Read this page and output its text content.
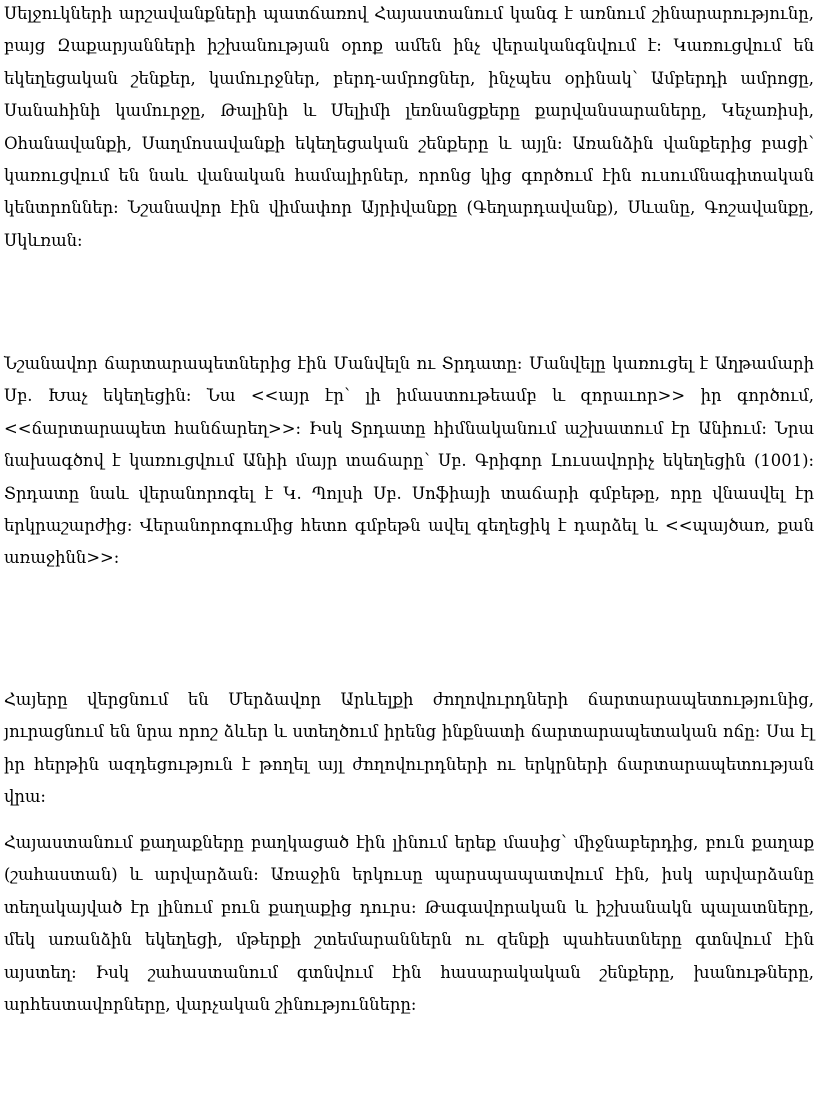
Սելջուկների արշավանքների պատճառով Հայաստանում կանգ է առնում շինարարությունը, բայց Զաքարյանների իշխանության օրոք ամեն ինչ վերականգնվում է: Կառուցվում են եկեղեցական շենքեր, կամուրջներ, բերդ-ամրոցներ, ինչպես օրինակ՝ Ամբերդի ամրոցը, Սանաhինի կամուրջը, Թալինի և Սելիմի լեռնանցքերը քարվանսարաները, Կեչառիսի, Օհանավանքի, Սաղմոսավանքի եկեղեցական շենքերը և այլն: Առանձին վանքերից բացի՝ կառուցվում են նաև վանական համալիրներ, որոնց կից գործում էին ուսումնագիտական կենտրոններ: Նշանավոր էին վիմափոր Այրիվանքը (Գեղարդավանք), Սևանը, Գոշավանքը, Սկևռան:

Նշանավոր ճարտարապետներից էին Մանվելն ու Տրդատը: Մանվելը կառուցել է Աղթամարի Սբ. Խաչ եկեղեցին: Նա <<այր էր՝ լի իմաստութեամբ և զորաւոր>> իր գործում, <<ճարտարապետ հանճարեղ>>: Իսկ Տրդատը հիմնականում աշխատում էր Անիում: Նրա նախագծով է կառուցվում Անիի մայր տաճարը՝ Սբ. Գրիգոր Լուսավորիչ եկեղեցին (1001): Տրդատը նաև վերանորոգել է Կ. Պոլսի Սբ. Սոֆիայի տաճարի գմբեթը, որը վնասվել էր երկրաշարժից: Վերանորոգումից հետո գմբեթն ավել գեղեցիկ է դարձել և <<պայծառ, քան առաջինն>>:

Հայերը վերցնում են Մերձավոր Արևելքի ժողովուրդների ճարտարապետությունից, յուրացնում են նրա որոշ ձևեր և ստեղծում իրենց ինքնատի ճարտարապետական ոճը: Սա էլ իր հերթին ազդեցություն է թողել այլ ժողովուրդների ու երկրների ճարտարապետության վրա:

Հայաստանում քաղաքները բաղկացած էին լինում երեք մասից՝ միջնաբերդից, բուն քաղաք (շահաստան) և արվարձան: Առաջին երկուսը պարսպապատվում էին, իսկ արվարձանը տեղակայված էր լինում բուն քաղաքից դուրս: Թագավորական և իշխանակն պալատները, մեկ առանձին եկեղեցի, մթերքի շտեմարաններն ու զենքի պահեստները գտնվում էին այստեղ: Իսկ շահաստանում գտնվում էին հասարակական շենքերը, խանութները, արհեստավորները, վարչական շինությունները:
